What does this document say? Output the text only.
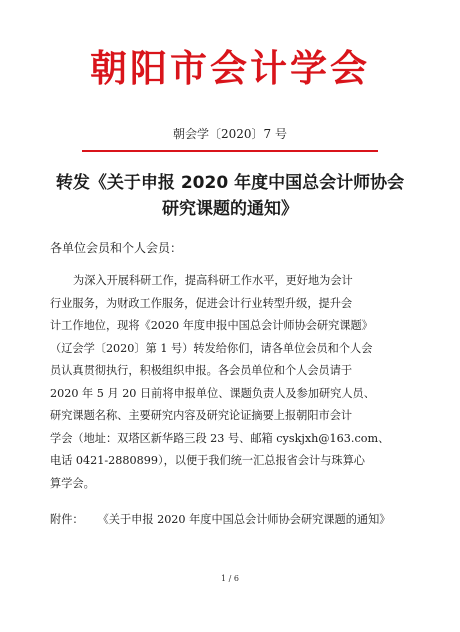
朝阳市会计学会
朝会学〔2020〕7 号
转发《关于申报 2020 年度中国总会计师协会
研究课题的通知》
各单位会员和个人会员：
为深入开展科研工作，提高科研工作水平，更好地为会计
行业服务，为财政工作服务，促进会计行业转型升级，提升会
计工作地位，现将《2020 年度申报中国总会计师协会研究课题》
（辽会学〔2020〕第 1 号）转发给你们，请各单位会员和个人会
员认真贯彻执行，积极组织申报。各会员单位和个人会员请于
2020 年 5 月 20 日前将申报单位、课题负责人及参加研究人员、
研究课题名称、主要研究内容及研究论证摘要上报朝阳市会计
学会（地址：双塔区新华路三段 23 号、邮箱 cyskjxh@163.com、
电话 0421-2880899），以便于我们统一汇总报省会计与珠算心
算学会。
附件： 《关于申报 2020 年度中国总会计师协会研究课题的通知》
1 / 6
